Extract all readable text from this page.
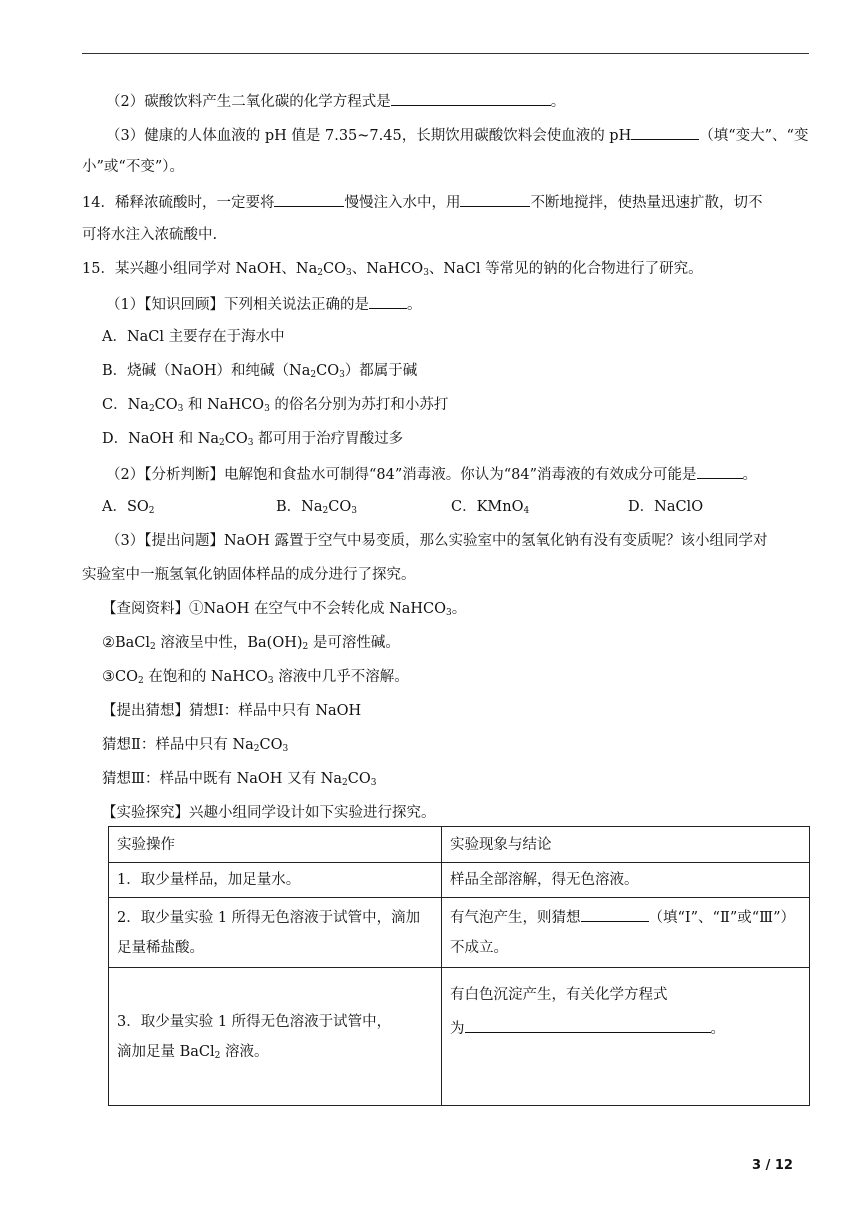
（2）碳酸饮料产生二氧化碳的化学方程式是	。
（3）健康的人体血液的 pH 值是 7.35~7.45，长期饮用碳酸饮料会使血液的 pH	（填“变大”、“变
小”或“不变”）。
14．稀释浓硫酸时，一定要将	慢慢注入水中，用	不断地搅拌，使热量迅速扩散，切不
可将水注入浓硫酸中.
15．某兴趣小组同学对 NaOH、$Na_2CO_3$、NaHCO$_3$、NaCl 等常见的钠的化合物进行了研究。
（1）【知识回顾】下列相关说法正确的是	。
A．NaCl 主要存在于海水中
B．烧碱（NaOH）和纯碱$(Na_2CO_3)$都属于碱
C．$Na_2CO_3$ 和 NaHCO$_3$ 的俗名分别为苏打和小苏打
D．NaOH 和 $Na_2CO_3$ 都可用于治疗胃酸过多
（2）【分析判断】电解饱和食盐水可制得“84”消毒液。你认为“84”消毒液的有效成分可能是	。
A．$SO_2$	B．$Na_2CO_3$	C．KMnO$_4$	D．NaClO
（3）【提出问题】NaOH 露置于空气中易变质，那么实验室中的氢氧化钠有没有变质呢？该小组同学对
实验室中一瓶氢氧化钠固体样品的成分进行了探究。
【查阅资料】①NaOH 在空气中不会转化成 NaHCO$_3$。
②BaCl$_2$ 溶液呈中性，$Ba(OH)_2$ 是可溶性碱。
$③CO_2$ 在饱和的 NaHCO$_3$ 溶液中几乎不溶解。
【提出猜想】猜想Ⅰ：样品中只有 NaOH
猜想Ⅱ：样品中只有 $Na_2CO_3$
猜想Ⅲ：样品中既有 NaOH 又有 $Na_2CO_3$
【实验探究】兴趣小组同学设计如下实验进行探究。
实验操作	实验现象与结论
1．取少量样品，加足量水。	样品全部溶解，得无色溶液。
2．取少量实验 1 所得无色溶液于试管中，滴加
足量稀盐酸。	有气泡产生，则猜想 （填“Ⅰ”、“Ⅱ”或“Ⅲ”）
不成立。
3．取少量实验 1 所得无色溶液于试管中，
滴加足量 BaCl$_2$ 溶液。	有白色沉淀产生，有关化学方程式
为 。
3 / 12
